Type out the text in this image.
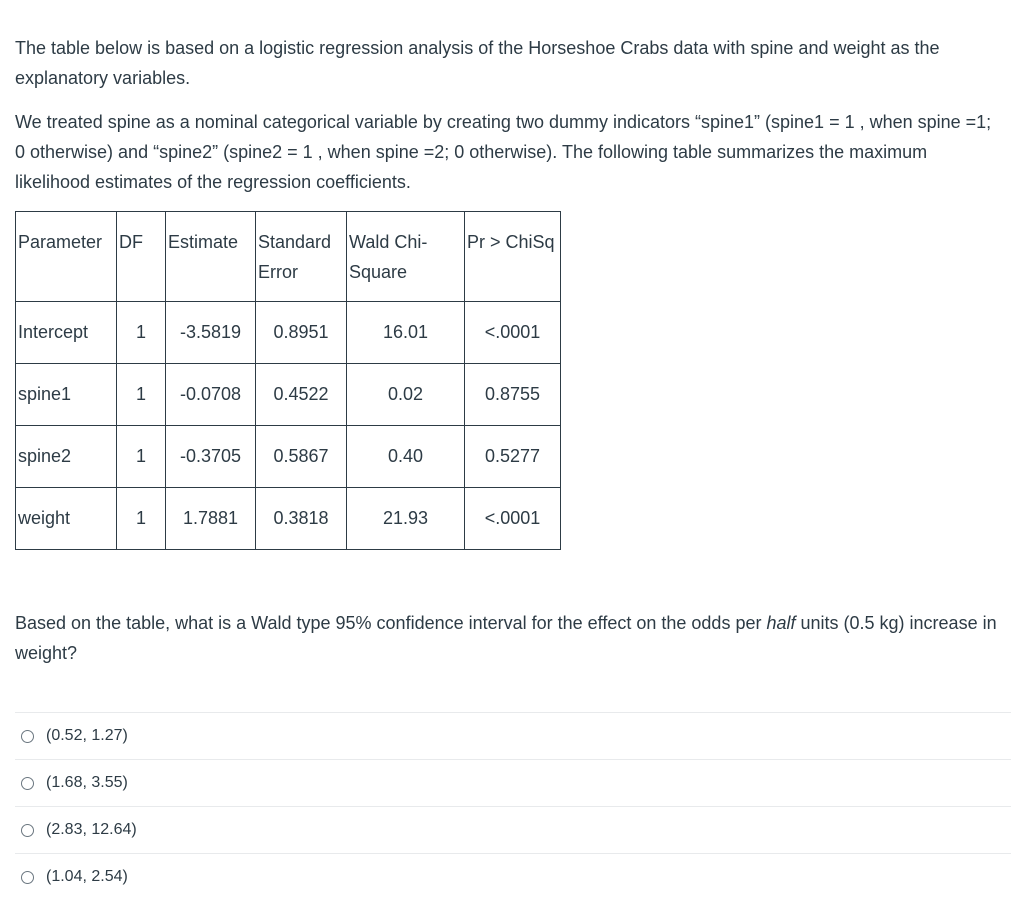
The table below is based on a logistic regression analysis of the Horseshoe Crabs data with spine and weight as the explanatory variables.

We treated spine as a nominal categorical variable by creating two dummy indicators “spine1” (spine1 = 1 , when spine =1; 0 otherwise) and “spine2” (spine2 = 1 , when spine =2; 0 otherwise). The following table summarizes the maximum likelihood estimates of the regression coefficients.

Parameter	DF	Estimate	Standard Error	Wald Chi-Square	Pr > ChiSq
Intercept	1	-3.5819	0.8951	16.01	<.0001
spine1	1	-0.0708	0.4522	0.02	0.8755
spine2	1	-0.3705	0.5867	0.40	0.5277
weight	1	1.7881	0.3818	21.93	<.0001
Based on the table, what is a Wald type 95% confidence interval for the effect on the odds per half units (0.5 kg) increase in weight?
(0.52, 1.27)
(1.68, 3.55)
(2.83, 12.64)
(1.04, 2.54)
